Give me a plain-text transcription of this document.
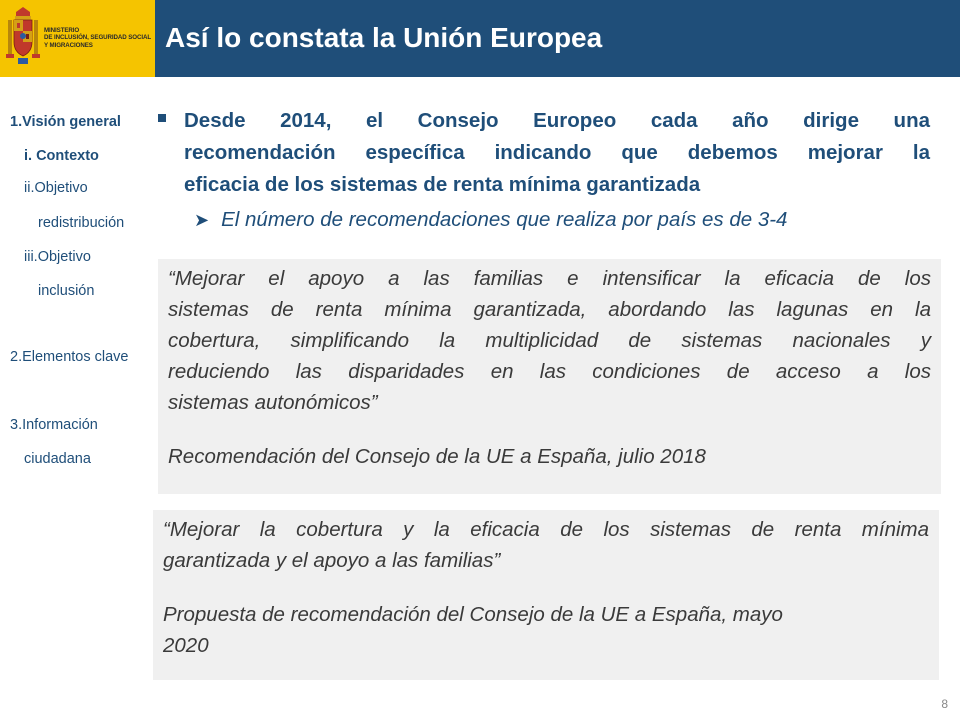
MINISTERIO
DE INCLUSIÓN, SEGURIDAD SOCIAL
Y MIGRACIONES	Así lo constata la Unión Europea
1.Visión general
i. Contexto
ii.Objetivo
redistribución
iii.Objetivo
inclusión
2.Elementos clave
3.Información
ciudadana
Desde 2014, el Consejo Europeo cada año dirige una
recomendación específica indicando que debemos mejorar la
eficacia de los sistemas de renta mínima garantizada
➤ El número de recomendaciones que realiza por país es de 3-4
“Mejorar el apoyo a las familias e intensificar la eficacia de los
sistemas de renta mínima garantizada, abordando las lagunas en la
cobertura, simplificando la multiplicidad de sistemas nacionales y
reduciendo las disparidades en las condiciones de acceso a los
sistemas autonómicos”
Recomendación del Consejo de la UE a España, julio 2018
“Mejorar la cobertura y la eficacia de los sistemas de renta mínima
garantizada y el apoyo a las familias”
Propuesta de recomendación del Consejo de la UE a España, mayo
2020
8
